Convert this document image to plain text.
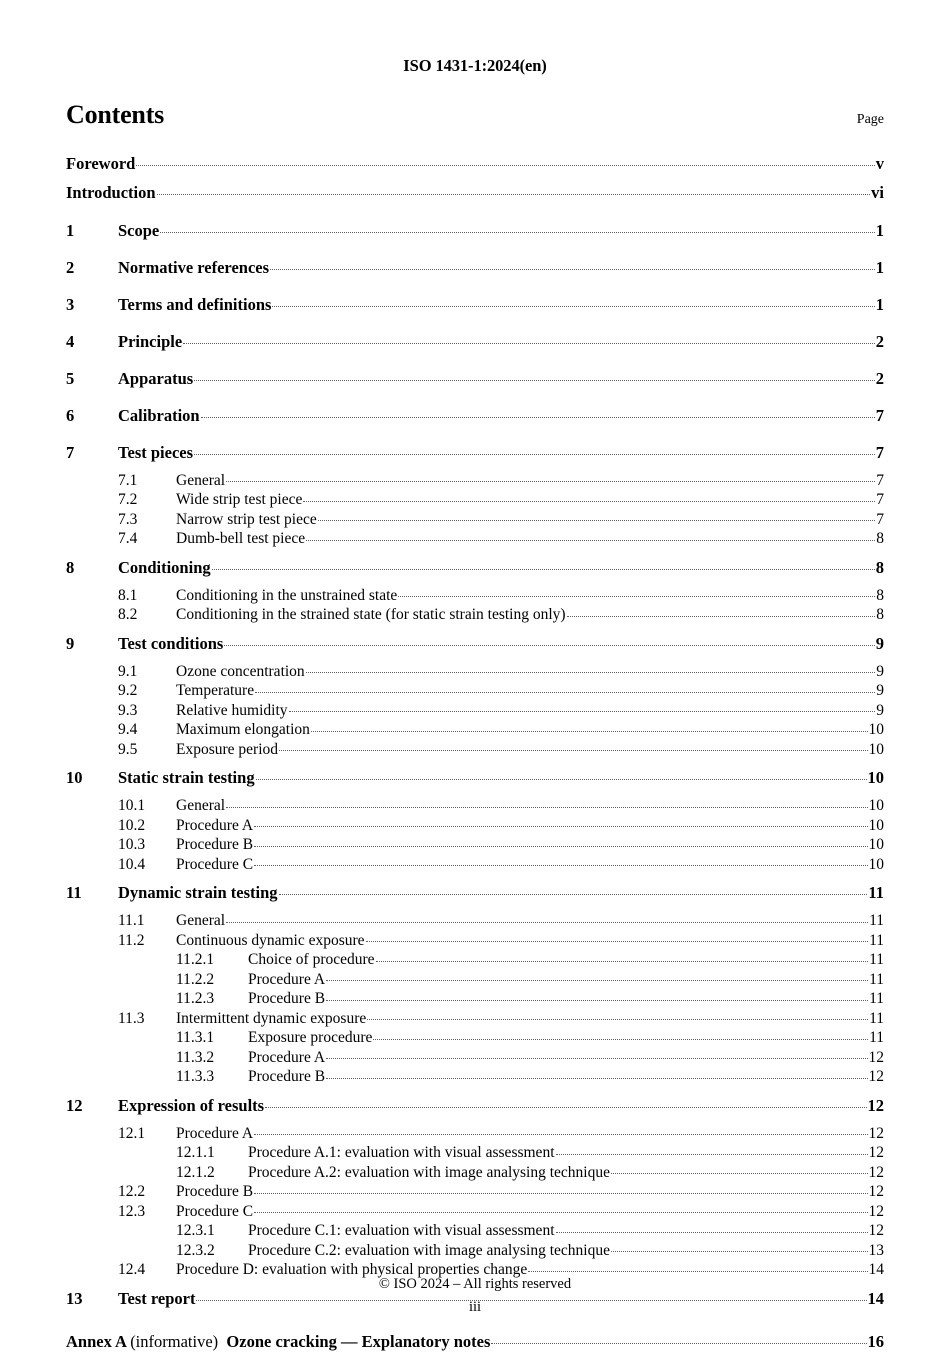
ISO 1431-1:2024(en)
Contents	Page
Foreword	v
Introduction	vi
1	Scope	1
2	Normative references	1
3	Terms and definitions	1
4	Principle	2
5	Apparatus	2
6	Calibration	7
7	Test pieces	7
7.1	General	7
7.2	Wide strip test piece	7
7.3	Narrow strip test piece	7
7.4	Dumb-bell test piece	8
8	Conditioning	8
8.1	Conditioning in the unstrained state	8
8.2	Conditioning in the strained state (for static strain testing only)	8
9	Test conditions	9
9.1	Ozone concentration	9
9.2	Temperature	9
9.3	Relative humidity	9
9.4	Maximum elongation	10
9.5	Exposure period	10
10	Static strain testing	10
10.1	General	10
10.2	Procedure A	10
10.3	Procedure B	10
10.4	Procedure C	10
11	Dynamic strain testing	11
11.1	General	11
11.2	Continuous dynamic exposure	11
11.2.1	Choice of procedure	11
11.2.2	Procedure A	11
11.2.3	Procedure B	11
11.3	Intermittent dynamic exposure	11
11.3.1	Exposure procedure	11
11.3.2	Procedure A	12
11.3.3	Procedure B	12
12	Expression of results	12
12.1	Procedure A	12
12.1.1	Procedure A.1: evaluation with visual assessment	12
12.1.2	Procedure A.2: evaluation with image analysing technique	12
12.2	Procedure B	12
12.3	Procedure C	12
12.3.1	Procedure C.1: evaluation with visual assessment	12
12.3.2	Procedure C.2: evaluation with image analysing technique	13
12.4	Procedure D: evaluation with physical properties change	14
13	Test report	14
Annex A (informative) Ozone cracking — Explanatory notes	16
© ISO 2024 – All rights reserved
iii
